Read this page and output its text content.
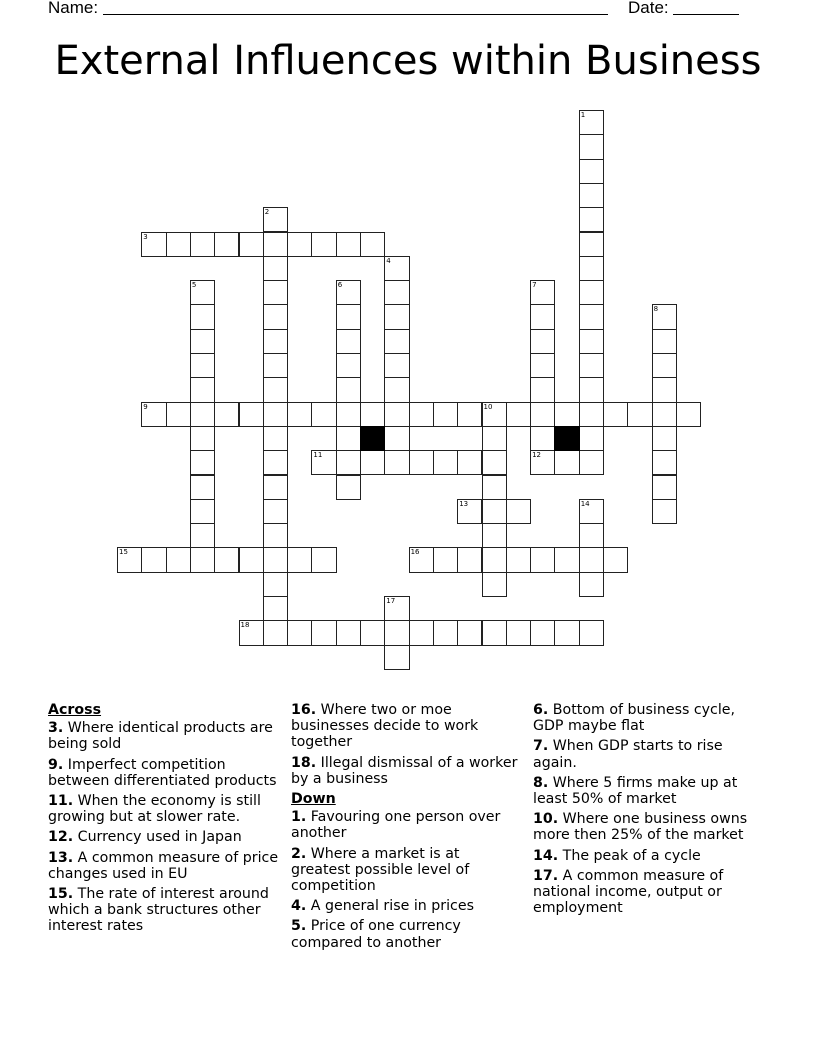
Name:	Date:
External Influences within Business
1
2
3
4
5	6	7
12
8
9	10
11
13	14
15	16
17
18
Across
3. Where identical products are being sold
9. Imperfect competition between differentiated products
11. When the economy is still growing but at slower rate.
12. Currency used in Japan
13. A common measure of price changes used in EU
15. The rate of interest around which a bank structures other interest rates
16. Where two or moe businesses decide to work together
18. Illegal dismissal of a worker by a business
Down
1. Favouring one person over another
2. Where a market is at greatest possible level of competition
4. A general rise in prices
5. Price of one currency compared to another
6. Bottom of business cycle, GDP maybe flat
7. When GDP starts to rise again.
8. Where 5 firms make up at least 50% of market
10. Where one business owns more then 25% of the market
14. The peak of a cycle
17. A common measure of national income, output or employment
